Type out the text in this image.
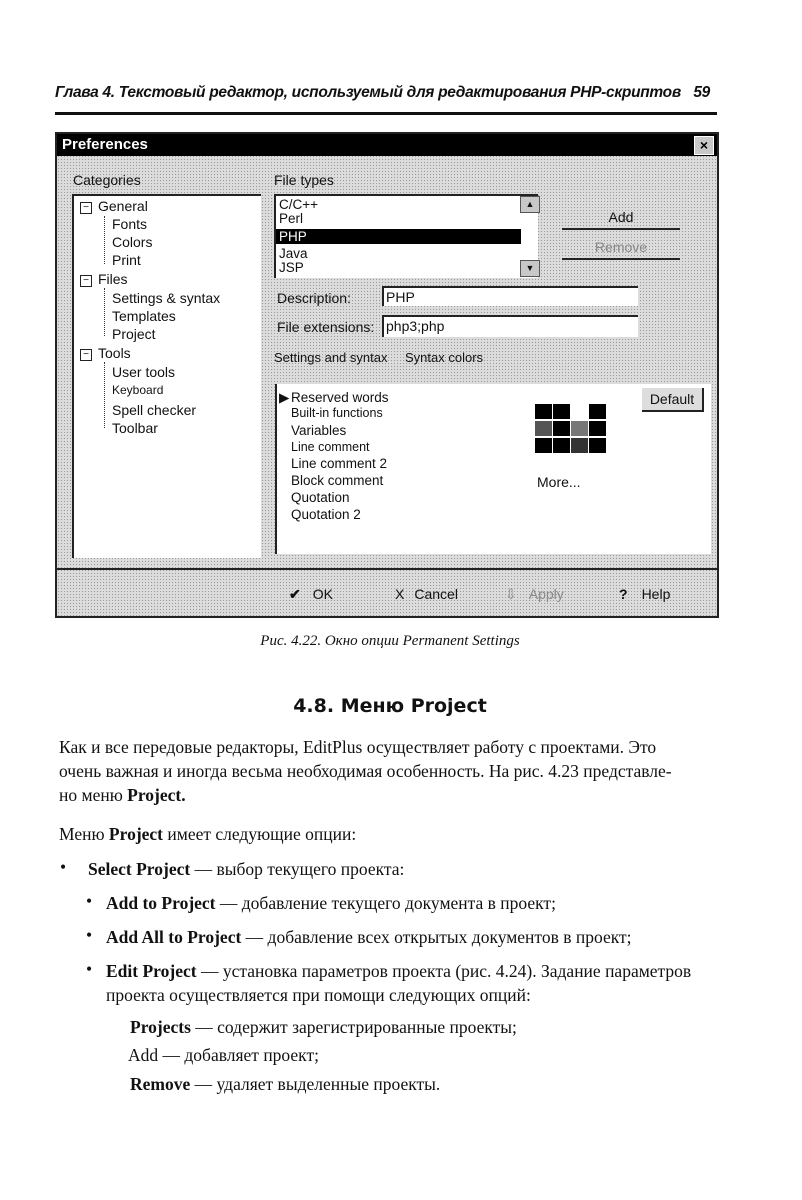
Глава 4. Текстовый редактор, используемый для редактирования PHP-скриптов 59
Preferences	×
Categories
− General
Fonts
Colors
Print
− Files
Settings & syntax
Templates
Project
− Tools
User tools
Keyboard
Spell checker
Toolbar
File types
C/C++
Perl
PHP
Java
JSP
▲
▼
Add
Remove
Description:	PHP
File extensions: php3;php
Settings and syntax Syntax colors
▶ Reserved words
Built-in functions
Variables
Line comment
Line comment 2
Block comment
Quotation
Quotation 2
More...
Default
✔ OK	X Cancel	⇩ Apply	? Help
Рис. 4.22. Окно опции Permanent Settings
4.8. Меню Project
Как и все передовые редакторы, EditPlus осуществляет работу с проектами. Это
очень важная и иногда весьма необходимая особенность. На рис. 4.23 представле-
но меню Project.
Меню Project имеет следующие опции:
• Select Project — выбор текущего проекта:
• Add to Project — добавление текущего документа в проект;
• Add All to Project — добавление всех открытых документов в проект;
• Edit Project — установка параметров проекта (рис. 4.24). Задание параметров
проекта осуществляется при помощи следующих опций:
Projects — содержит зарегистрированные проекты;
Add — добавляет проект;
Remove — удаляет выделенные проекты.
